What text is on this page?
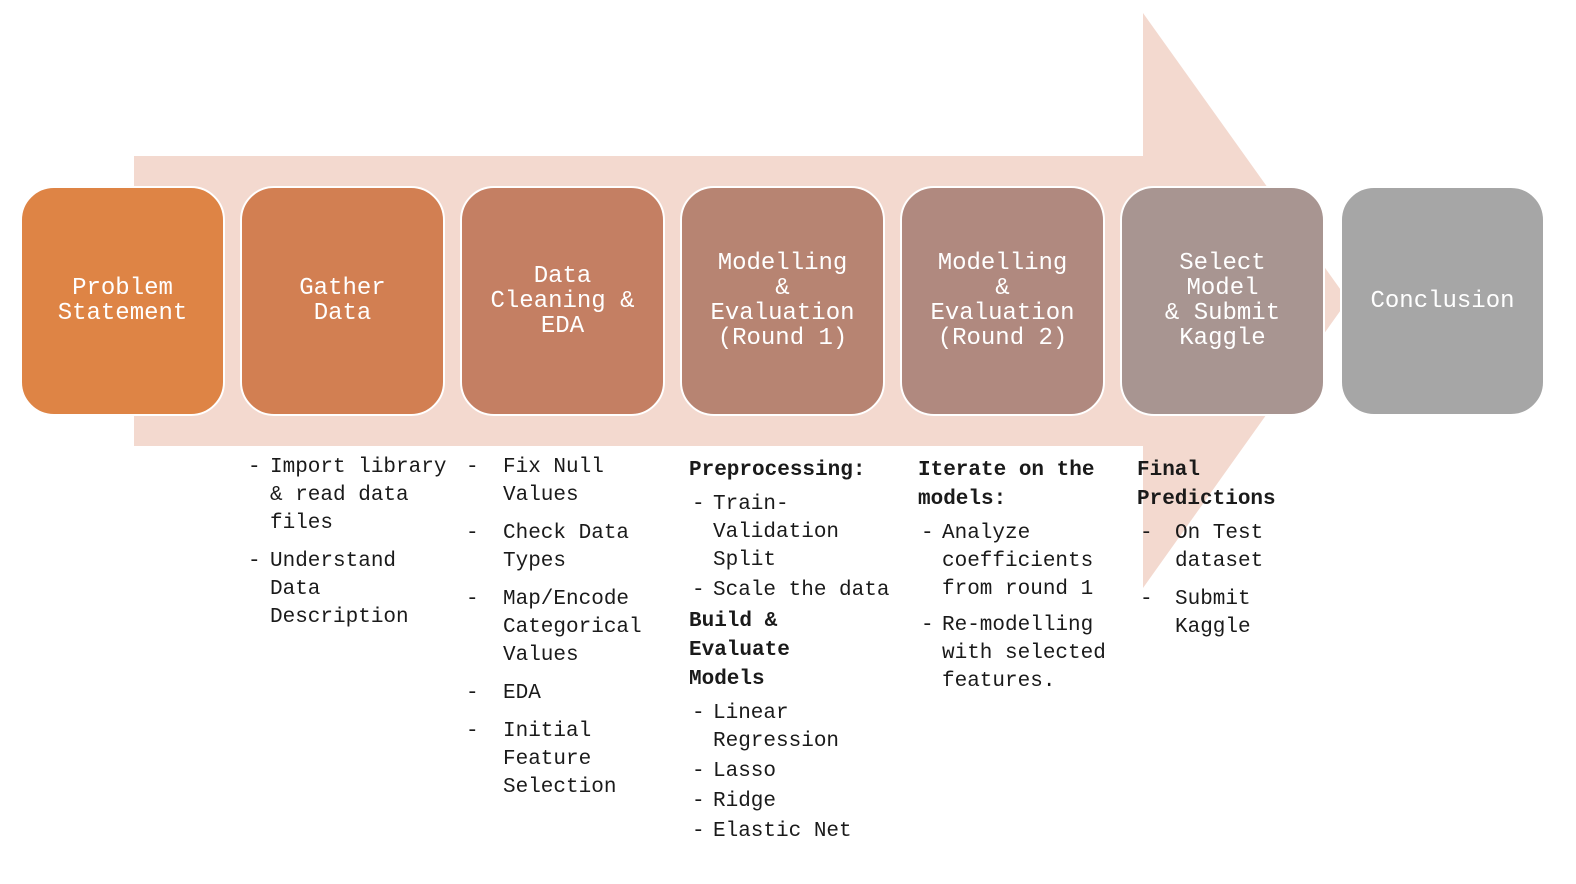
Problem
Statement
Gather
Data
Data
Cleaning &
EDA
Modelling
&
Evaluation
(Round 1)
Modelling
&
Evaluation
(Round 2)
Select
Model
& Submit
Kaggle
Conclusion
- Import library & read data files
- Understand Data Description
- Fix Null Values
- Check Data Types
- Map/Encode Categorical Values
- EDA
- Initial Feature Selection
Preprocessing:
- Train-Validation Split
- Scale the data
Build & Evaluate Models
- Linear Regression
- Lasso
- Ridge
- Elastic Net
Iterate on the models:
- Analyze coefficients from round 1
- Re-modelling with selected features.
Final Predictions
- On Test dataset
- Submit Kaggle
